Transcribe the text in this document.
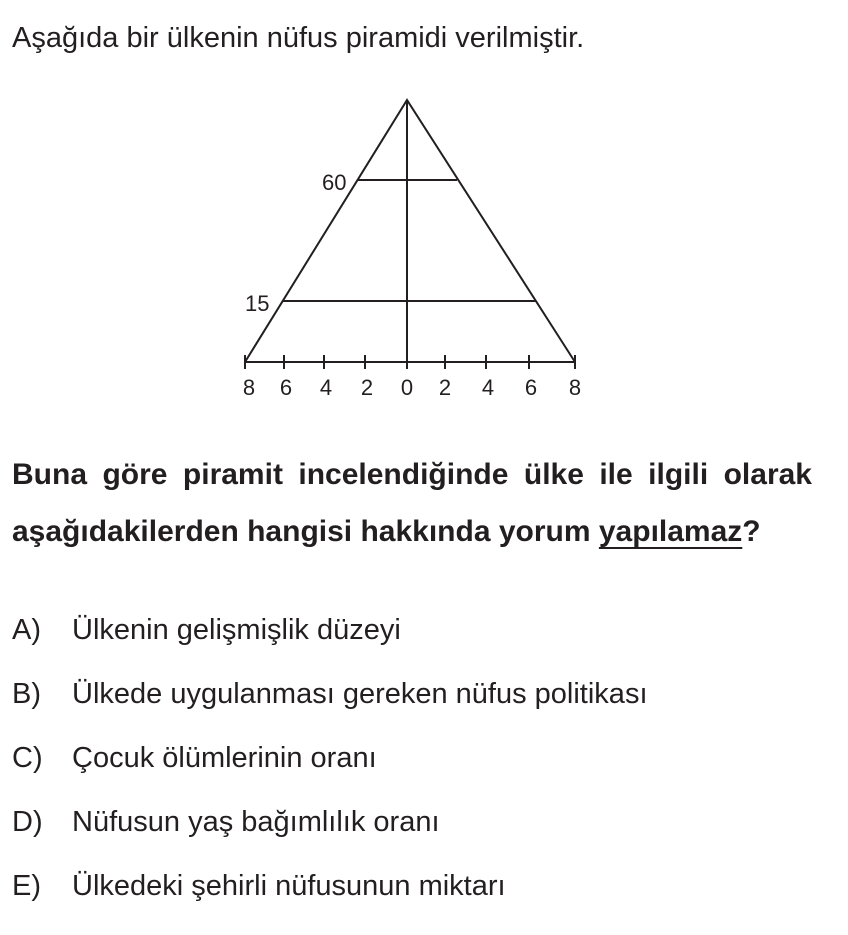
Aşağıda bir ülkenin nüfus piramidi verilmiştir.
60
15
8 6 4 2 0 2 4 6 8

Buna göre piramit incelendiğinde ülke ile ilgili olarak aşağıdakilerden hangisi hakkında yorum yapılamaz?

A) Ülkenin gelişmişlik düzeyi
B) Ülkede uygulanması gereken nüfus politikası
C) Çocuk ölümlerinin oranı
D) Nüfusun yaş bağımlılık oranı
E) Ülkedeki şehirli nüfusunun miktarı
